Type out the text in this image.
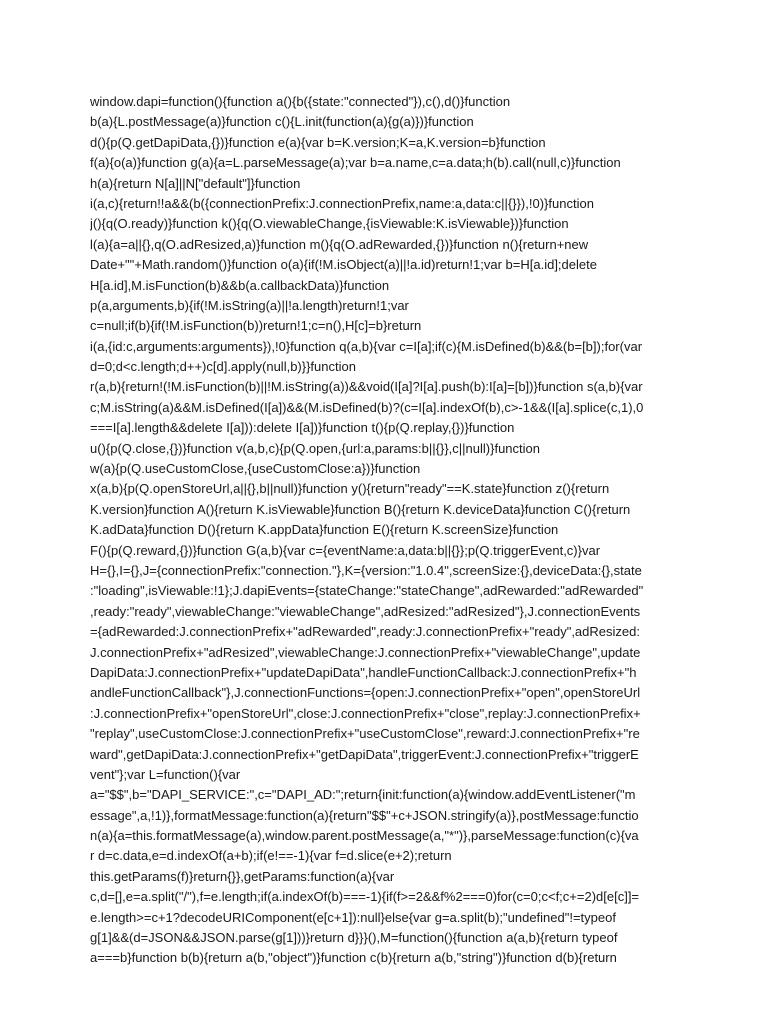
window.dapi=function(){function a(){b({state:"connected"}),c(),d()}function
b(a){L.postMessage(a)}function c(){L.init(function(a){g(a)})}function
d(){p(Q.getDapiData,{})}function e(a){var b=K.version;K=a,K.version=b}function
f(a){o(a)}function g(a){a=L.parseMessage(a);var b=a.name,c=a.data;h(b).call(null,c)}function
h(a){return N[a]||N["default"]}function
i(a,c){return!!a&&(b({connectionPrefix:J.connectionPrefix,name:a,data:c||{}}),!0)}function
j(){q(O.ready)}function k(){q(O.viewableChange,{isViewable:K.isViewable})}function
l(a){a=a||{},q(O.adResized,a)}function m(){q(O.adRewarded,{})}function n(){return+new
Date+""+Math.random()}function o(a){if(!M.isObject(a)||!a.id)return!1;var b=H[a.id];delete
H[a.id],M.isFunction(b)&&b(a.callbackData)}function
p(a,arguments,b){if(!M.isString(a)||!a.length)return!1;var
c=null;if(b){if(!M.isFunction(b))return!1;c=n(),H[c]=b}return
i(a,{id:c,arguments:arguments}),!0}function q(a,b){var c=I[a];if(c){M.isDefined(b)&&(b=[b]);for(var
d=0;d<c.length;d++)c[d].apply(null,b)}}function
r(a,b){return!(!M.isFunction(b)||!M.isString(a))&&void(I[a]?I[a].push(b):I[a]=[b])}function s(a,b){var
c;M.isString(a)&&M.isDefined(I[a])&&(M.isDefined(b)?(c=I[a].indexOf(b),c>-1&&(I[a].splice(c,1),0
===I[a].length&&delete I[a])):delete I[a])}function t(){p(Q.replay,{})}function
u(){p(Q.close,{})}function v(a,b,c){p(Q.open,{url:a,params:b||{}},c||null)}function
w(a){p(Q.useCustomClose,{useCustomClose:a})}function
x(a,b){p(Q.openStoreUrl,a||{},b||null)}function y(){return"ready"==K.state}function z(){return
K.version}function A(){return K.isViewable}function B(){return K.deviceData}function C(){return
K.adData}function D(){return K.appData}function E(){return K.screenSize}function
F(){p(Q.reward,{})}function G(a,b){var c={eventName:a,data:b||{}};p(Q.triggerEvent,c)}var
H={},I={},J={connectionPrefix:"connection."},K={version:"1.0.4",screenSize:{},deviceData:{},state
:"loading",isViewable:!1};J.dapiEvents={stateChange:"stateChange",adRewarded:"adRewarded"
,ready:"ready",viewableChange:"viewableChange",adResized:"adResized"},J.connectionEvents
={adRewarded:J.connectionPrefix+"adRewarded",ready:J.connectionPrefix+"ready",adResized:
J.connectionPrefix+"adResized",viewableChange:J.connectionPrefix+"viewableChange",update
DapiData:J.connectionPrefix+"updateDapiData",handleFunctionCallback:J.connectionPrefix+"h
andleFunctionCallback"},J.connectionFunctions={open:J.connectionPrefix+"open",openStoreUrl
:J.connectionPrefix+"openStoreUrl",close:J.connectionPrefix+"close",replay:J.connectionPrefix+
"replay",useCustomClose:J.connectionPrefix+"useCustomClose",reward:J.connectionPrefix+"re
ward",getDapiData:J.connectionPrefix+"getDapiData",triggerEvent:J.connectionPrefix+"triggerE
vent"};var L=function(){var
a="$$",b="DAPI_SERVICE:",c="DAPI_AD:";return{init:function(a){window.addEventListener("m
essage",a,!1)},formatMessage:function(a){return"$$"+c+JSON.stringify(a)},postMessage:functio
n(a){a=this.formatMessage(a),window.parent.postMessage(a,"*")},parseMessage:function(c){va
r d=c.data,e=d.indexOf(a+b);if(e!==-1){var f=d.slice(e+2);return
this.getParams(f)}return{}},getParams:function(a){var
c,d=[],e=a.split("/"),f=e.length;if(a.indexOf(b)===-1){if(f>=2&&f%2===0)for(c=0;c<f;c+=2)d[e[c]]=
e.length>=c+1?decodeURIComponent(e[c+1]):null}else{var g=a.split(b);"undefined"!=typeof
g[1]&&(d=JSON&&JSON.parse(g[1]))}return d}}}(),M=function(){function a(a,b){return typeof
a===b}function b(b){return a(b,"object")}function c(b){return a(b,"string")}function d(b){return
